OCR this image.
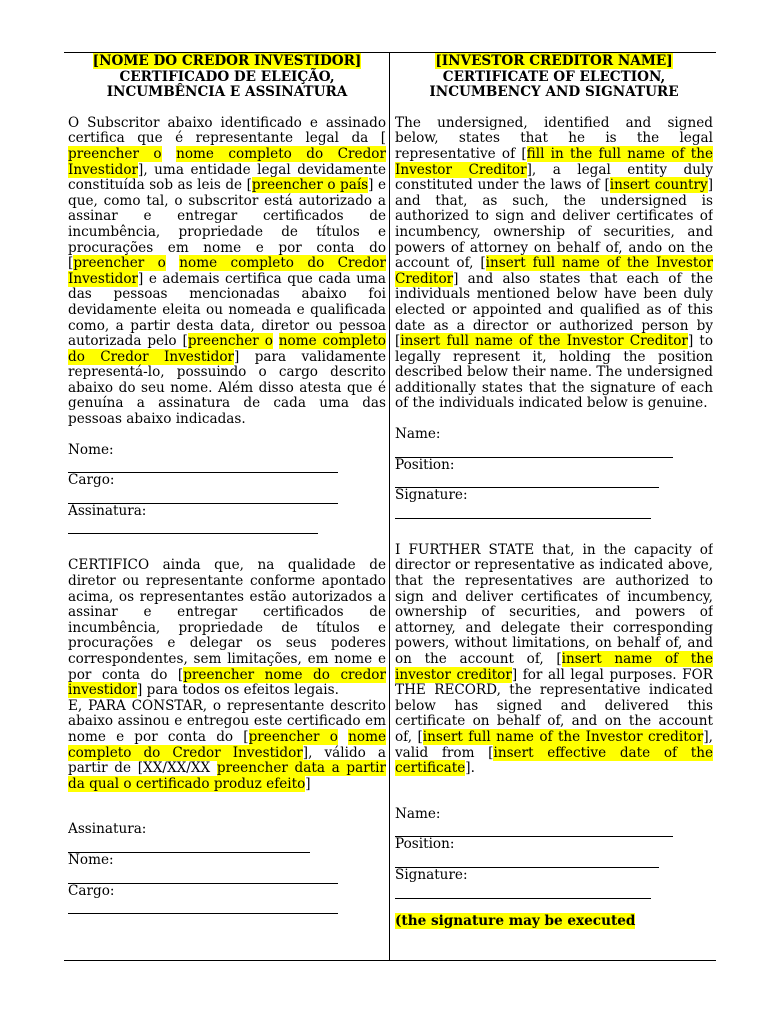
[NOME DO CREDOR INVESTIDOR]
CERTIFICADO DE ELEIÇÃO,
INCUMBÊNCIA E ASSINATURA

O Subscritor abaixo identificado e assinado certifica que é representante legal da [ preencher o nome completo do Credor Investidor], uma entidade legal devidamente constituída sob as leis de [preencher o país] e que, como tal, o subscritor está autorizado a assinar e entregar certificados de incumbência, propriedade de títulos e procurações em nome e por conta do [preencher o nome completo do Credor Investidor] e ademais certifica que cada uma das pessoas mencionadas abaixo foi devidamente eleita ou nomeada e qualificada como, a partir desta data, diretor ou pessoa autorizada pelo [preencher o nome completo do Credor Investidor] para validamente representá-lo, possuindo o cargo descrito abaixo do seu nome. Além disso atesta que é genuína a assinatura de cada uma das pessoas abaixo indicadas.

Nome:
Cargo:
Assinatura:

CERTIFICO ainda que, na qualidade de diretor ou representante conforme apontado acima, os representantes estão autorizados a assinar e entregar certificados de incumbência, propriedade de títulos e procurações e delegar os seus poderes correspondentes, sem limitações, em nome e por conta do [preencher nome do credor investidor] para todos os efeitos legais.

E, PARA CONSTAR, o representante descrito abaixo assinou e entregou este certificado em nome e por conta do [preencher o nome completo do Credor Investidor], válido a partir de [XX/XX/XX preencher data a partir da qual o certificado produz efeito]

Assinatura:
Nome:
Cargo:
[INVESTOR CREDITOR NAME]
CERTIFICATE OF ELECTION,
INCUMBENCY AND SIGNATURE

The undersigned, identified and signed below, states that he is the legal representative of [fill in the full name of the Investor Creditor], a legal entity duly constituted under the laws of [insert country] and that, as such, the undersigned is authorized to sign and deliver certificates of incumbency, ownership of securities, and powers of attorney on behalf of, ando on the account of, [insert full name of the Investor Creditor] and also states that each of the individuals mentioned below have been duly elected or appointed and qualified as of this date as a director or authorized person by [insert full name of the Investor Creditor] to legally represent it, holding the position described below their name. The undersigned additionally states that the signature of each of the individuals indicated below is genuine.

Name:
Position:
Signature:

I FURTHER STATE that, in the capacity of director or representative as indicated above, that the representatives are authorized to sign and deliver certificates of incumbency, ownership of securities, and powers of attorney, and delegate their corresponding powers, without limitations, on behalf of, and on the account of, [insert name of the investor creditor] for all legal purposes. FOR THE RECORD, the representative indicated below has signed and delivered this certificate on behalf of, and on the account of, [insert full name of the Investor creditor], valid from [insert effective date of the certificate].

Name:
Position:
Signature:

(the signature may be executed
